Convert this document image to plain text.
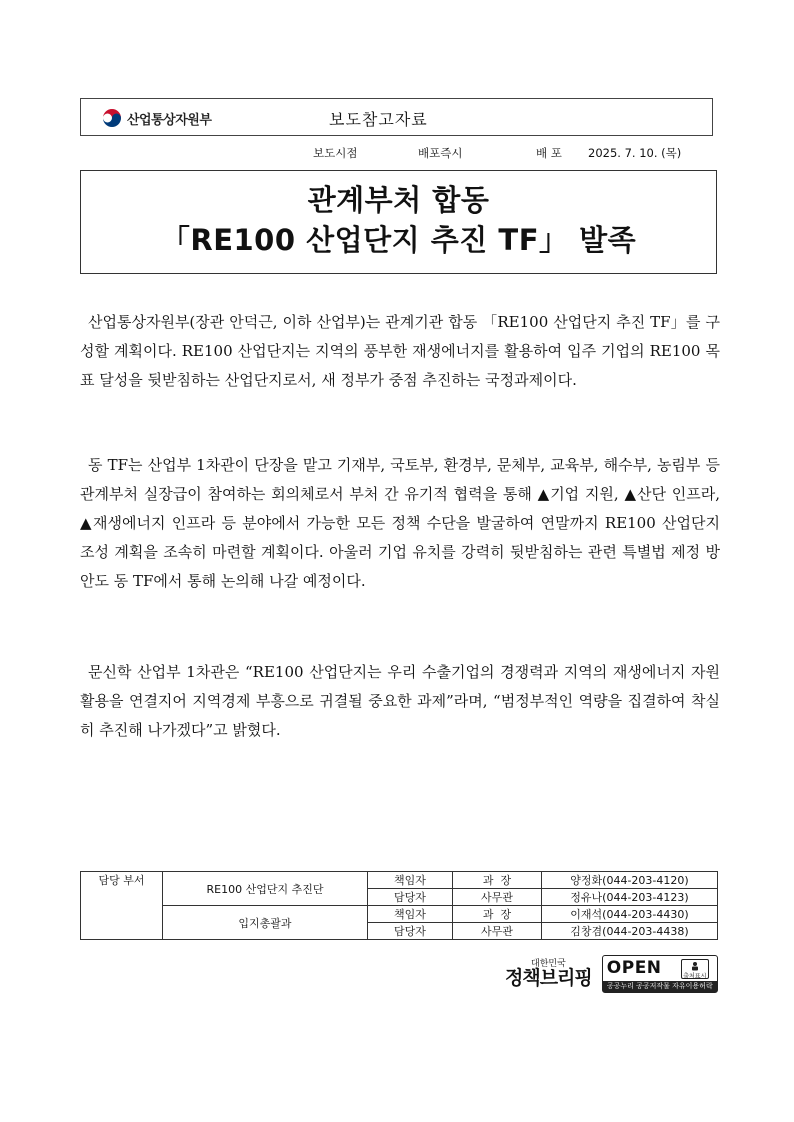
산업통상자원부	보도참고자료
보도시점	배포즉시	배 포 2025. 7. 10. (목)
관계부처 합동
「RE100 산업단지 추진 TF」 발족
산업통상자원부(장관 안덕근, 이하 산업부)는 관계기관 합동 「RE100 산업단지 추진 TF」를 구성할 계획이다. RE100 산업단지는 지역의 풍부한 재생에너지를 활용하여 입주 기업의 RE100 목표 달성을 뒷받침하는 산업단지로서, 새 정부가 중점 추진하는 국정과제이다.
동 TF는 산업부 1차관이 단장을 맡고 기재부, 국토부, 환경부, 문체부, 교육부, 해수부, 농림부 등 관계부처 실장급이 참여하는 회의체로서 부처 간 유기적 협력을 통해 ▲기업 지원, ▲산단 인프라, ▲재생에너지 인프라 등 분야에서 가능한 모든 정책 수단을 발굴하여 연말까지 RE100 산업단지 조성 계획을 조속히 마련할 계획이다. 아울러 기업 유치를 강력히 뒷받침하는 관련 특별법 제정 방안도 동 TF에서 통해 논의해 나갈 예정이다.
문신학 산업부 1차관은 “RE100 산업단지는 우리 수출기업의 경쟁력과 지역의 재생에너지 자원 활용을 연결지어 지역경제 부흥으로 귀결될 중요한 과제”라며, “범정부적인 역량을 집결하여 착실히 추진해 나가겠다”고 밝혔다.
담당 부서	RE100 산업단지 추진단	책임자	과  장	양정화(044-203-4120)
		담당자	사무관	정유나(044-203-4123)
	입지총괄과	책임자	과  장	이재석(044-203-4430)
		담당자	사무관	김창겸(044-203-4438)
대한민국
정책브리핑 OPEN	출처표시
공공누리 공공저작물 자유이용허락
